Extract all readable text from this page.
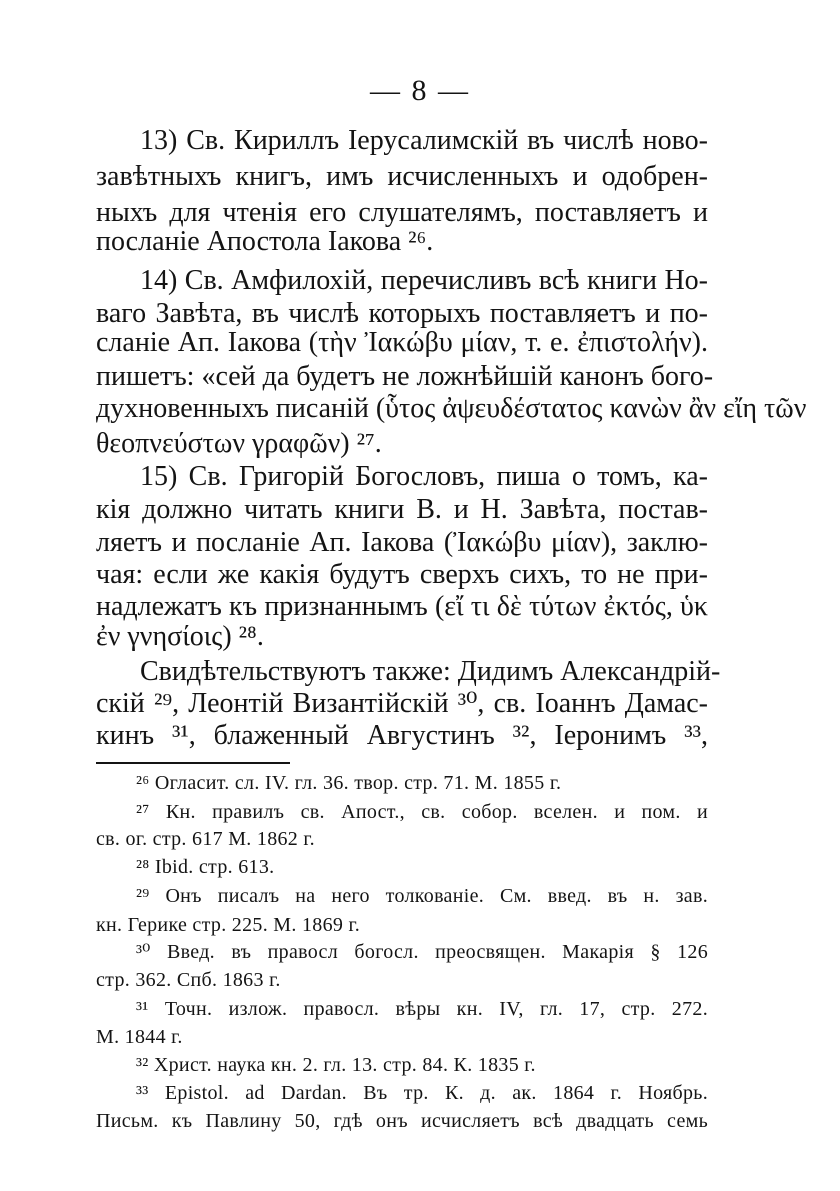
— 8 —
13) Св. Кириллъ Іерусалимскій въ числѣ ново-
завѣтныхъ книгъ, имъ исчисленныхъ и одобрен-
ныхъ для чтенія его слушателямъ, поставляетъ и
посланіе Апостола Іакова ²⁶.
14) Св. Амфилохій, перечисливъ всѣ книги Но-
ваго Завѣта, въ числѣ которыхъ поставляетъ и по-
сланіе Ап. Іакова (τὴν Ἰακώβυ μίαν, т. е. ἐπιστολήν).
пишетъ: «сей да будетъ не ложнѣйшій канонъ бого-
духновенныхъ писаній (ὗτος ἀψευδέστατος κανὼν ἂν εἴη τῶν
θεοπνεύστων γραφῶν) ²⁷.
15) Св. Григорій Богословъ, пиша о томъ, ка-
кія должно читать книги В. и Н. Завѣта, постав-
ляетъ и посланіе Ап. Іакова (Ἰακώβυ μίαν), заклю-
чая: если же какія будутъ сверхъ сихъ, то не при-
надлежатъ къ признаннымъ (εἴ τι δὲ τύτων ἐκτός, ὑκ
ἐν γνησίοις) ²⁸.
Свидѣтельствуютъ также: Дидимъ Александрій-
скій ²⁹, Леонтій Византійскій ³⁰, св. Іоаннъ Дамас-
кинъ ³¹, блаженный Августинъ ³², Іеронимъ ³³,
²⁶ Огласит. сл. IV. гл. 36. твор. стр. 71. М. 1855 г.
²⁷ Кн. правилъ св. Апост., св. собор. вселен. и пом. и
св. ог. стр. 617 М. 1862 г.
²⁸ Ibid. стр. 613.
²⁹ Онъ писалъ на него толкованіе. См. введ. въ н. зав.
кн. Герике стр. 225. М. 1869 г.
³⁰ Введ. въ правосл богосл. преосвящен. Макарія § 126
стр. 362. Спб. 1863 г.
³¹ Точн. излож. правосл. вѣры кн. IV, гл. 17, стр. 272.
М. 1844 г.
³² Христ. наука кн. 2. гл. 13. стр. 84. К. 1835 г.
³³ Epistol. ad Dardan. Въ тр. К. д. ак. 1864 г. Ноябрь.
Письм. къ Павлину 50, гдѣ онъ исчисляетъ всѣ двадцать семь
